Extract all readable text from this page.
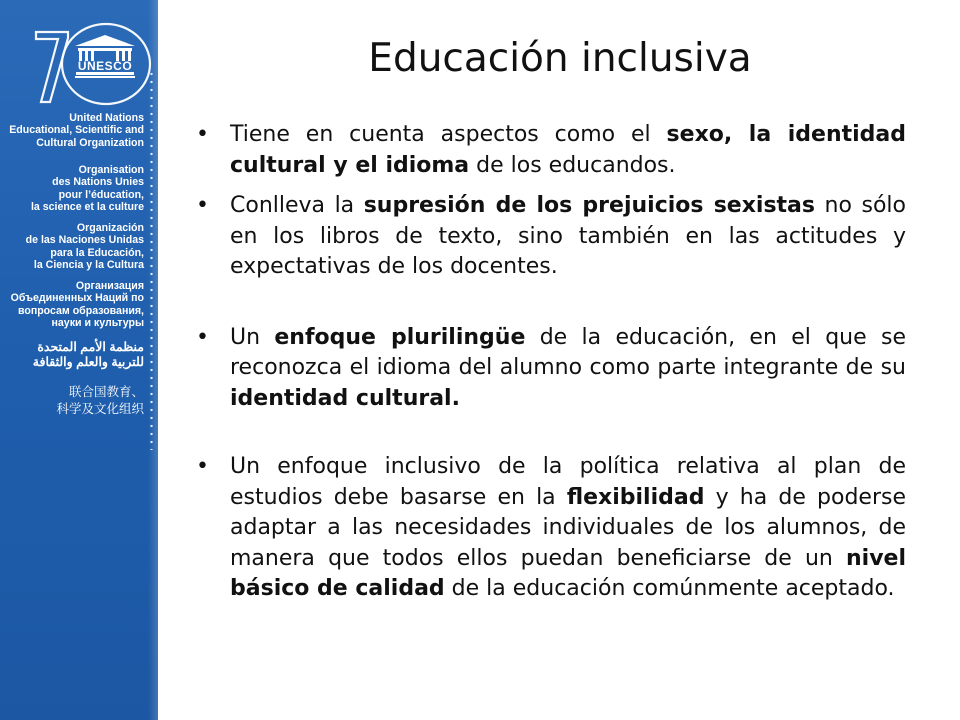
UNESCO
United Nations
Educational, Scientific and
Cultural Organization
Organisation
des Nations Unies
pour l’éducation,
la science et la culture
Organización
de las Naciones Unidas
para la Educación,
la Ciencia y la Cultura
Организация
Объединенных Наций по
вопросам образования,
науки и культуры
منظمة الأمم المتحدة
للتربية والعلم والثقافة
联合国教育、
科学及文化组织
Educación inclusiva
• Tiene en cuenta aspectos como el sexo, la identidad cultural y el idioma de los educandos.
• Conlleva la supresión de los prejuicios sexistas no sólo en los libros de texto, sino también en las actitudes y expectativas de los docentes.
• Un enfoque plurilingüe de la educación, en el que se reconozca el idioma del alumno como parte integrante de su identidad cultural.
• Un enfoque inclusivo de la política relativa al plan de estudios debe basarse en la flexibilidad y ha de poderse adaptar a las necesidades individuales de los alumnos, de manera que todos ellos puedan beneficiarse de un nivel básico de calidad de la educación comúnmente aceptado.
